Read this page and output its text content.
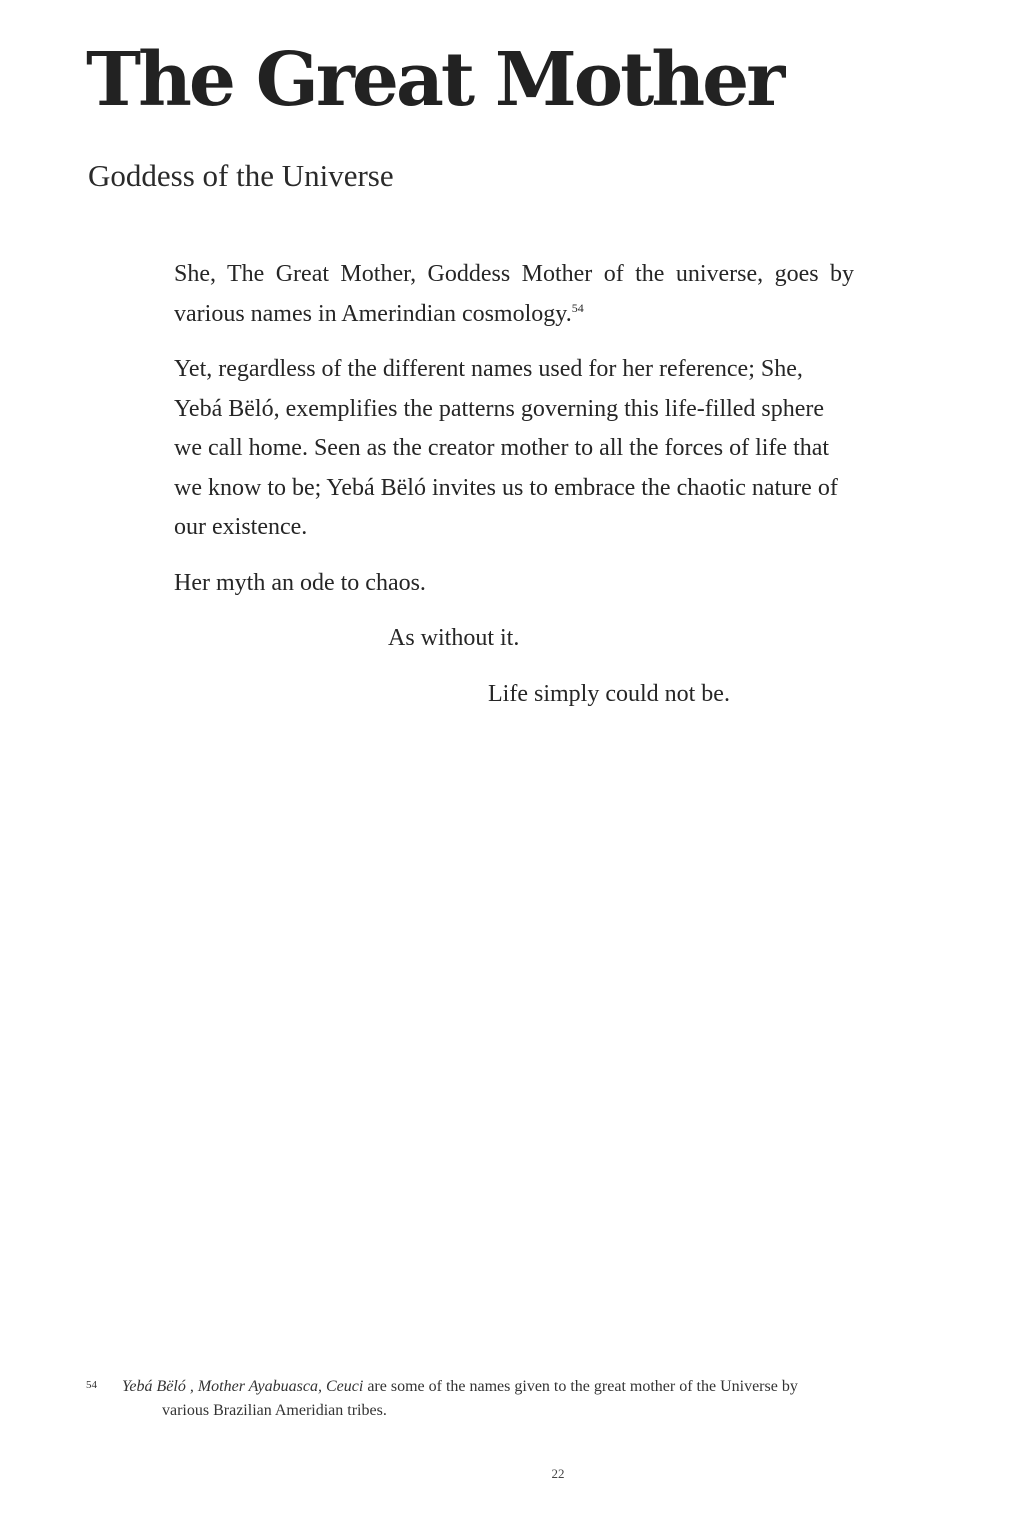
The Great Mother
Goddess of the Universe

She, The Great Mother, Goddess Mother of the universe, goes by various names in Amerindian cosmology.$^{54}$

Yet, regardless of the different names used for her reference; She, Yebá Bëló, exemplifies the patterns governing this life-filled sphere we call home. Seen as the creator mother to all the forces of life that we know to be; Yebá Bëló invites us to embrace the chaotic nature of our existence.

Her myth an ode to chaos.

As without it.
Life simply could not be.
54 Yebá Bëló , Mother Ayabuasca, Ceuci are some of the names given to the great mother of the Universe by
various Brazilian Ameridian tribes.
22
